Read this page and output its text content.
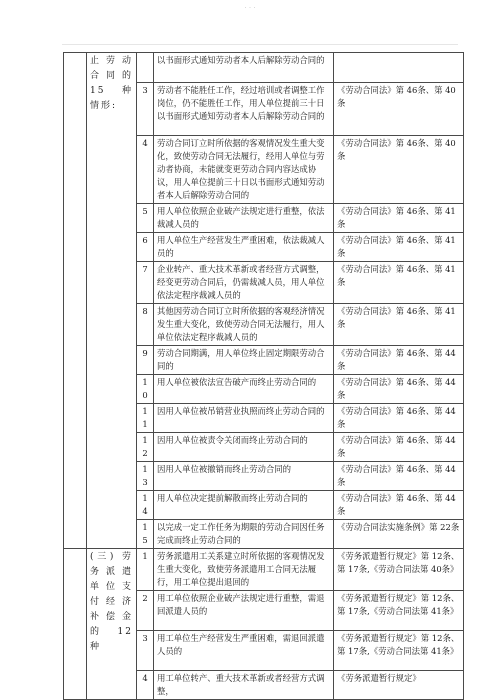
· · ·
	止 劳 动 合 同 的 15 种 情形:		以书面形式通知劳动者本人后解除劳动合同的	
		3	劳动者不能胜任工作，经过培训或者调整工作岗位，仍不能胜任工作，用人单位提前三十日以书面形式通知劳动者本人后解除劳动合同的	《劳动合同法》第 46条、第 40条
		4	劳动合同订立时所依据的客观情况发生重大变化，致使劳动合同无法履行，经用人单位与劳动者协商，未能就变更劳动合同内容达成协议，用人单位提前三十日以书面形式通知劳动者本人后解除劳动合同的	《劳动合同法》第 46条、第 40条
		5	用人单位依照企业破产法规定进行重整，依法裁减人员的	《劳动合同法》第 46条、第 41条
		6	用人单位生产经营发生严重困难，依法裁减人员的	《劳动合同法》第 46条、第 41条
		7	企业转产、重大技术革新或者经营方式调整，经变更劳动合同后，仍需裁减人员，用人单位依法定程序裁减人员的	《劳动合同法》第 46条、第 41条
		8	其他因劳动合同订立时所依据的客观经济情况发生重大变化，致使劳动合同无法履行，用人单位依法定程序裁减人员的	《劳动合同法》第 46条、第 41条
		9	劳动合同期满，用人单位终止固定期限劳动合同的	《劳动合同法》第 46条、第 44条
		10	用人单位被依法宣告破产而终止劳动合同的	《劳动合同法》第 46条、第 44条
		11	因用人单位被吊销营业执照而终止劳动合同的	《劳动合同法》第 46条、第 44条
		12	因用人单位被责令关闭而终止劳动合同的	《劳动合同法》第 46条、第 44条
		13	因用人单位被撤销而终止劳动合同的	《劳动合同法》第 46条、第 44条
		14	用人单位决定提前解散而终止劳动合同的	《劳动合同法》第 46条、第 44条
		15	以完成一定工作任务为期限的劳动合同因任务完成而终止劳动合同的	《劳动合同法实施条例》第 22条
	(三) 劳务派遣单位支付经济补偿金的 12 种	1	劳务派遣用工关系建立时所依据的客观情况发生重大变化，致使劳务派遣用工合同无法履行，用工单位提出退回的	《劳务派遣暂行规定》第 12条、第 17条,《劳动合同法第 40条》
		2	用工单位依照企业破产法规定进行重整，需退回派遣人员的	《劳务派遣暂行规定》第 12条、第 17条,《劳动合同法第 41条》
		3	用工单位生产经营发生严重困难，需退回派遣人员的	《劳务派遣暂行规定》第 12条、第 17条,《劳动合同法第 41条》
		4	用工单位转产、重大技术革新或者经营方式调整，	《劳务派遣暂行规定》
